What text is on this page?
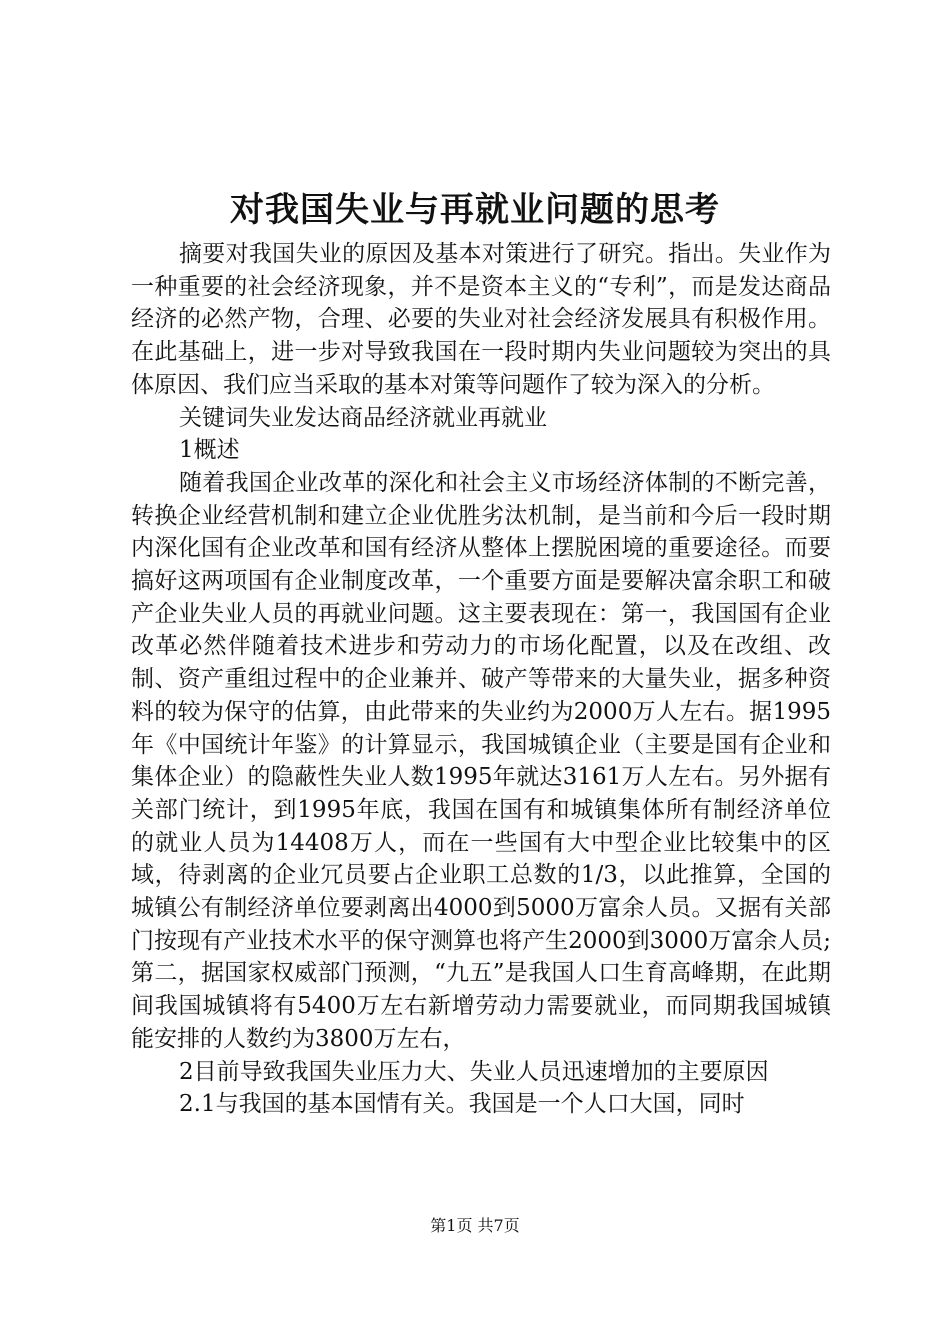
对我国失业与再就业问题的思考

摘要对我国失业的原因及基本对策进行了研究。指出。失业作为一种重要的社会经济现象，并不是资本主义的“专利”，而是发达商品经济的必然产物，合理、必要的失业对社会经济发展具有积极作用。在此基础上，进一步对导致我国在一段时期内失业问题较为突出的具体原因、我们应当采取的基本对策等问题作了较为深入的分析。

关键词失业发达商品经济就业再就业

1概述

随着我国企业改革的深化和社会主义市场经济体制的不断完善，转换企业经营机制和建立企业优胜劣汰机制，是当前和今后一段时期内深化国有企业改革和国有经济从整体上摆脱困境的重要途径。而要搞好这两项国有企业制度改革，一个重要方面是要解决富余职工和破产企业失业人员的再就业问题。这主要表现在：第一，我国国有企业改革必然伴随着技术进步和劳动力的市场化配置，以及在改组、改制、资产重组过程中的企业兼并、破产等带来的大量失业，据多种资料的较为保守的估算，由此带来的失业约为2000万人左右。据1995年《中国统计年鉴》的计算显示，我国城镇企业（主要是国有企业和集体企业）的隐蔽性失业人数1995年就达3161万人左右。另外据有关部门统计，到1995年底，我国在国有和城镇集体所有制经济单位的就业人员为14408万人，而在一些国有大中型企业比较集中的区域，待剥离的企业冗员要占企业职工总数的1/3，以此推算，全国的城镇公有制经济单位要剥离出4000到5000万富余人员。又据有关部门按现有产业技术水平的保守测算也将产生2000到3000万富余人员;第二，据国家权威部门预测，“九五”是我国人口生育高峰期，在此期间我国城镇将有5400万左右新增劳动力需要就业，而同期我国城镇能安排的人数约为3800万左右，

2目前导致我国失业压力大、失业人员迅速增加的主要原因

2.1与我国的基本国情有关。我国是一个人口大国，同时

第1页 共7页
